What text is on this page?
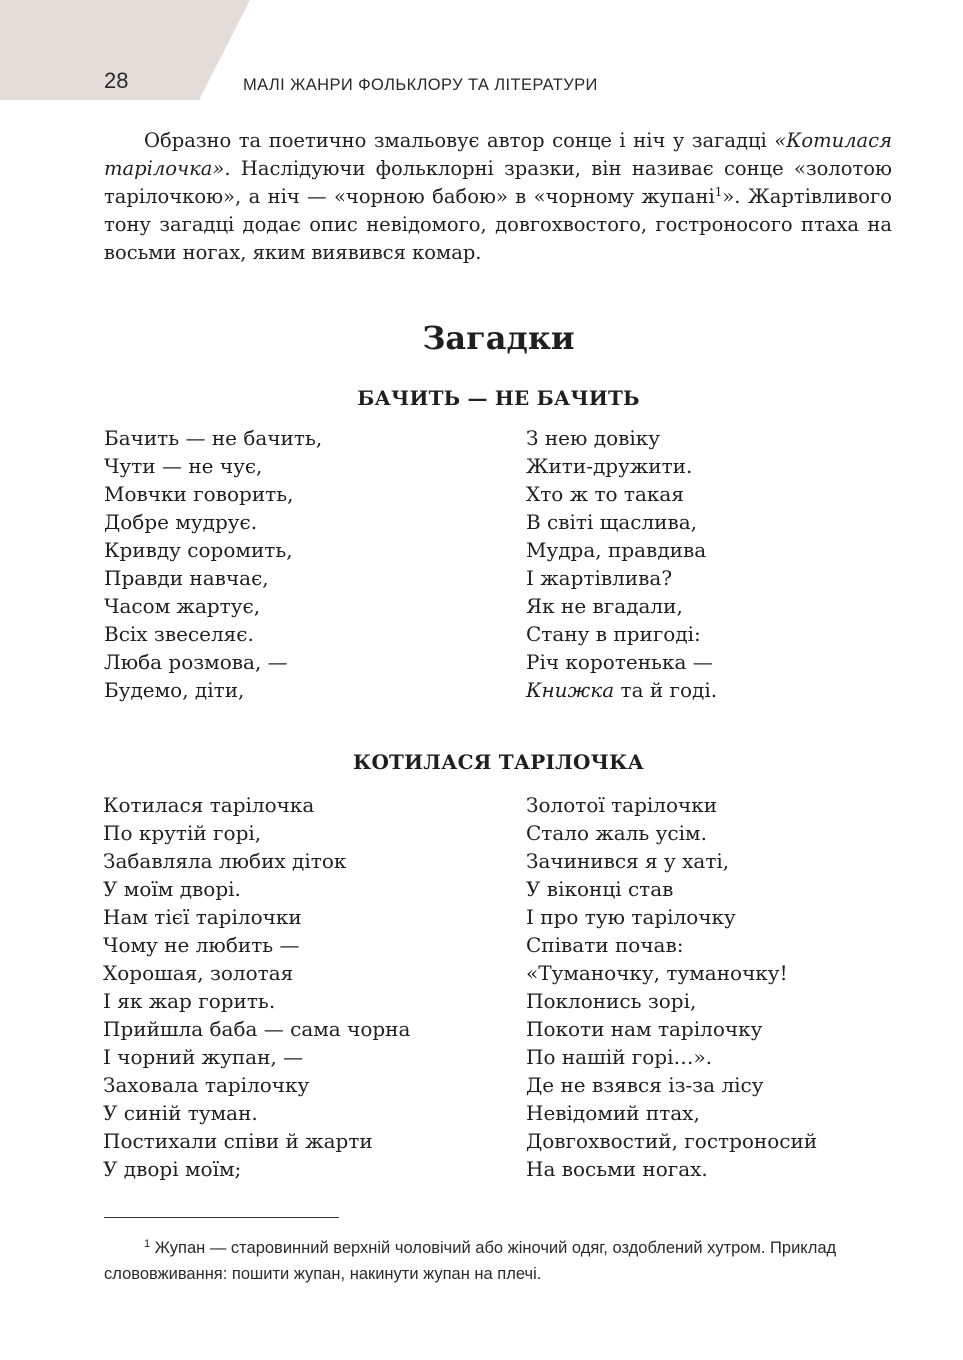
28	МАЛІ ЖАНРИ ФОЛЬКЛОРУ ТА ЛІТЕРАТУРИ

Образно та поетично змальовує автор сонце і ніч у загадці «Котилася тарілочка». Наслідуючи фольклорні зразки, він називає сонце «золотою тарілочкою», а ніч — «чорною бабою» в «чорному жупані$^1$». Жартівливого тону загадці додає опис невідомого, довгохвостого, гостроносого птаха на восьми ногах, яким виявився комар.

Загадки
БАЧИТЬ — НЕ БАЧИТЬ
Бачить — не бачить,
Чути — не чує,
Мовчки говорить,
Добре мудрує.
Кривду соромить,
Правди навчає,
Часом жартує,
Всіх звеселяє.
Люба розмова, —
Будемо, діти,
З нею довіку
Жити-дружити.
Хто ж то такая
В світі щаслива,
Мудра, правдива
І жартівлива?
Як не вгадали,
Стану в пригоді:
Річ коротенька —
Книжка та й годі.
КОТИЛАСЯ ТАРІЛОЧКА
Котилася тарілочка
По крутій горі,
Забавляла любих діток
У моїм дворі.
Нам тієї тарілочки
Чому не любить —
Хорошая, золотая
І як жар горить.
Прийшла баба — сама чорна
І чорний жупан, —
Заховала тарілочку
У синій туман.
Постихали співи й жарти
У дворі моїм;
Золотої тарілочки
Стало жаль усім.
Зачинився я у хаті,
У віконці став
І про тую тарілочку
Співати почав:
«Туманочку, туманочку!
Поклонись зорі,
Покоти нам тарілочку
По нашій горі…».
Де не взявся із-за лісу
Невідомий птах,
Довгохвостий, гостроносий
На восьми ногах.

$^1$ Жупан — старовинний верхній чоловічий або жіночий одяг, оздоблений хутром. Приклад слововживання: пошити жупан, накинути жупан на плечі.
